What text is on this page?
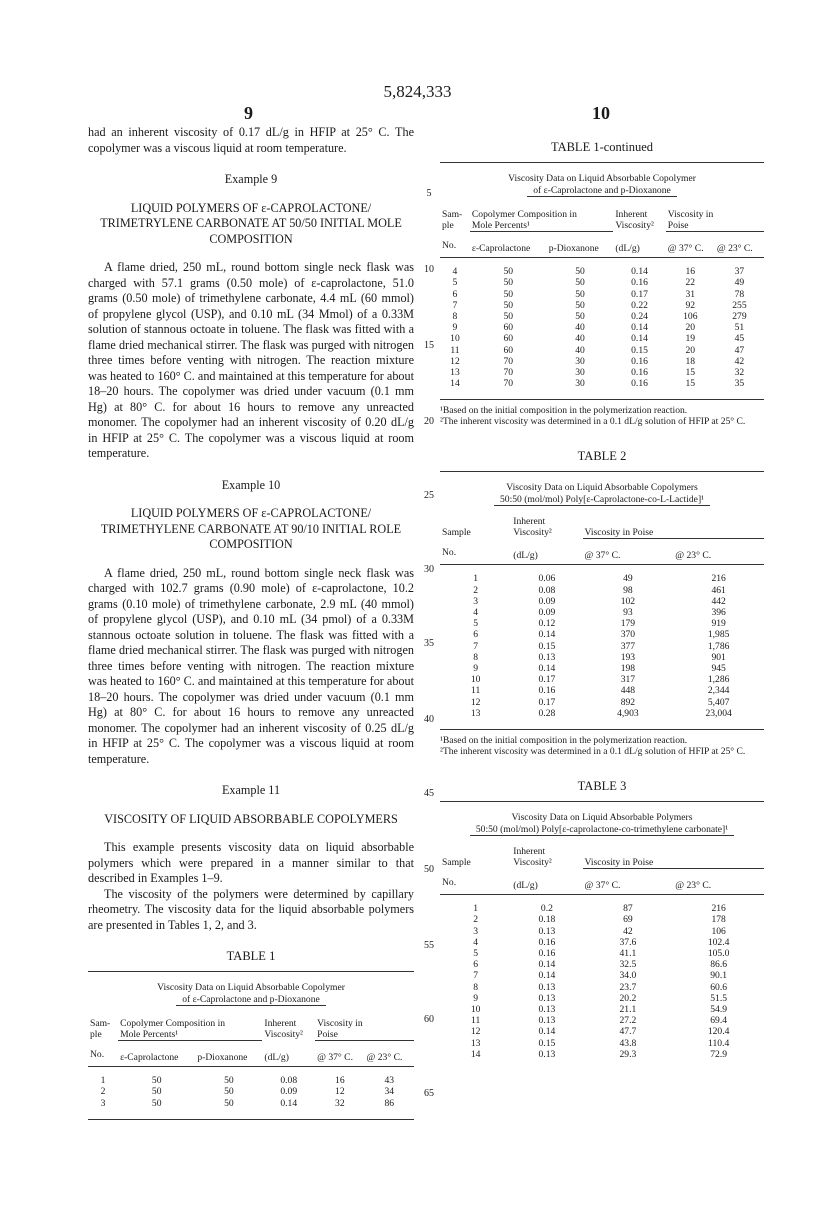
5,824,333
9	10

had an inherent viscosity of 0.17 dL/g in HFIP at 25° C. The copolymer was a viscous liquid at room temperature.

Example 9
LIQUID POLYMERS OF ε-CAPROLACTONE/ TRIMETRYLENE CARBONATE AT 50/50 INITIAL MOLE COMPOSITION

A flame dried, 250 mL, round bottom single neck flask was charged with 57.1 grams (0.50 mole) of ε-caprolactone, 51.0 grams (0.50 mole) of trimethylene carbonate, 4.4 mL (60 mmol) of propylene glycol (USP), and 0.10 mL (34 Mmol) of a 0.33M solution of stannous octoate in toluene. The flask was fitted with a flame dried mechanical stirrer. The flask was purged with nitrogen three times before venting with nitrogen. The reaction mixture was heated to 160° C. and maintained at this temperature for about 18–20 hours. The copolymer was dried under vacuum (0.1 mm Hg) at 80° C. for about 16 hours to remove any unreacted monomer. The copolymer had an inherent viscosity of 0.20 dL/g in HFIP at 25° C. The copolymer was a viscous liquid at room temperature.

Example 10
LIQUID POLYMERS OF ε-CAPROLACTONE/ TRIMETHYLENE CARBONATE AT 90/10 INITIAL ROLE COMPOSITION

A flame dried, 250 mL, round bottom single neck flask was charged with 102.7 grams (0.90 mole) of ε-caprolactone, 10.2 grams (0.10 mole) of trimethylene carbonate, 2.9 mL (40 mmol) of propylene glycol (USP), and 0.10 mL (34 pmol) of a 0.33M stannous octoate solution in toluene. The flask was fitted with a flame dried mechanical stirrer. The flask was purged with nitrogen three times before venting with nitrogen. The reaction mixture was heated to 160° C. and maintained at this temperature for about 18–20 hours. The copolymer was dried under vacuum (0.1 mm Hg) at 80° C. for about 16 hours to remove any unreacted monomer. The copolymer had an inherent viscosity of 0.25 dL/g in HFIP at 25° C. The copolymer was a viscous liquid at room temperature.

Example 11
VISCOSITY OF LIQUID ABSORBABLE COPOLYMERS

This example presents viscosity data on liquid absorbable polymers which were prepared in a manner similar to that described in Examples 1–9.

The viscosity of the polymers were determined by capillary rheometry. The viscosity data for the liquid absorbable polymers are presented in Tables 1, 2, and 3.

TABLE 1
Viscosity Data on Liquid Absorbable Copolymer
of ε-Caprolactone and p-Dioxanone
Sam-	Copolymer Composition in		Inherent	Viscosity in	
ple	Mole Percents¹		Viscosity²	Poise	

No.	ε-Caprolactone	p-Dioxanone	(dL/g)	@ 37° C.	@ 23° C.

1	50	50	0.08	16	43
2	50	50	0.09	12	34
3	50	50	0.14	32	86
5
10
15
20
25
30
35
40
45
50
55
60
65
TABLE 1-continued
Viscosity Data on Liquid Absorbable Copolymer
of ε-Caprolactone and p-Dioxanone
Sam-	Copolymer Composition in		Inherent	Viscosity in	
ple	Mole Percents¹		Viscosity²	Poise	

No.	ε-Caprolactone	p-Dioxanone	(dL/g)	@ 37° C.	@ 23° C.

4	50	50	0.14	16	37
5	50	50	0.16	22	49
6	50	50	0.17	31	78
7	50	50	0.22	92	255
8	50	50	0.24	106	279
9	60	40	0.14	20	51
10	60	40	0.14	19	45
11	60	40	0.15	20	47
12	70	30	0.16	18	42
13	70	30	0.16	15	32
14	70	30	0.16	15	35
¹Based on the initial composition in the polymerization reaction.
²The inherent viscosity was determined in a 0.1 dL/g solution of HFIP at 25° C.
TABLE 2
Viscosity Data on Liquid Absorbable Copolymers
50:50 (mol/mol) Poly[ε-Caprolactone-co-L-Lactide]¹
	Inherent		
Sample	Viscosity²	Viscosity in Poise	

No.	(dL/g)	@ 37° C.	@ 23° C.

1	0.06	49	216
2	0.08	98	461
3	0.09	102	442
4	0.09	93	396
5	0.12	179	919
6	0.14	370	1,985
7	0.15	377	1,786
8	0.13	193	901
9	0.14	198	945
10	0.17	317	1,286
11	0.16	448	2,344
12	0.17	892	5,407
13	0.28	4,903	23,004
¹Based on the initial composition in the polymerization reaction.
²The inherent viscosity was determined in a 0.1 dL/g solution of HFIP at 25° C.
TABLE 3
Viscosity Data on Liquid Absorbable Polymers
50:50 (mol/mol) Poly[ε-caprolactone-co-trimethylene carbonate]¹
	Inherent		
Sample	Viscosity²	Viscosity in Poise	

No.	(dL/g)	@ 37° C.	@ 23° C.

1	0.2	87	216
2	0.18	69	178
3	0.13	42	106
4	0.16	37.6	102.4
5	0.16	41.1	105.0
6	0.14	32.5	86.6
7	0.14	34.0	90.1
8	0.13	23.7	60.6
9	0.13	20.2	51.5
10	0.13	21.1	54.9
11	0.13	27.2	69.4
12	0.14	47.7	120.4
13	0.15	43.8	110.4
14	0.13	29.3	72.9
